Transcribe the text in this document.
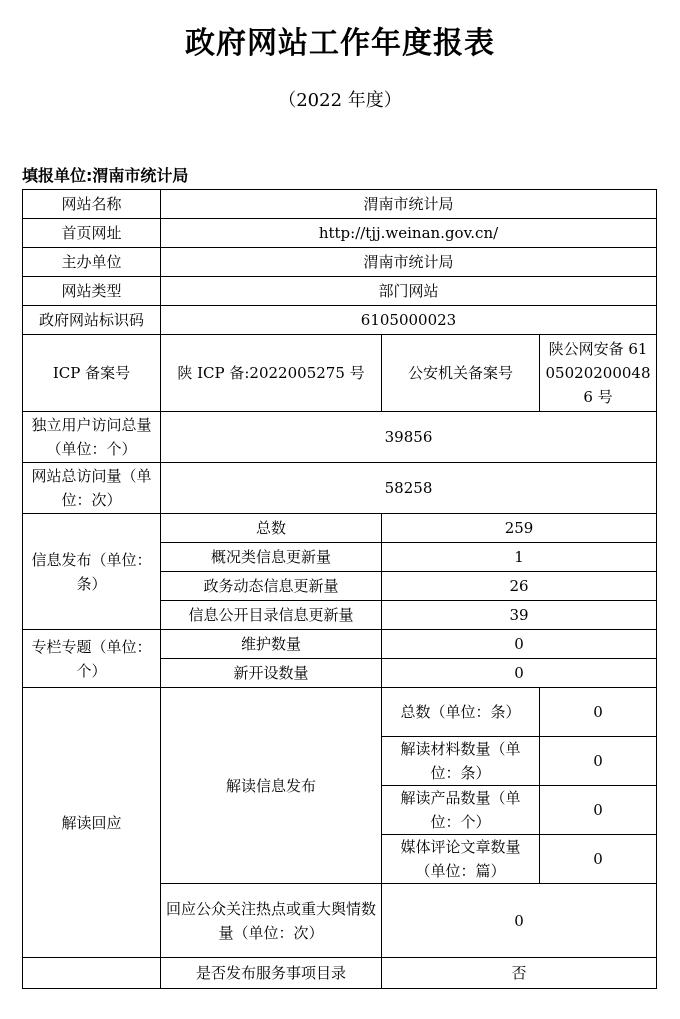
政府网站工作年度报表
（2022 年度）
填报单位:渭南市统计局
网站名称	渭南市统计局		
首页网址	http://tjj.weinan.gov.cn/		
主办单位	渭南市统计局		
网站类型	部门网站		
政府网站标识码	6105000023		
ICP 备案号	陕 ICP 备:2022005275 号	公安机关备案号	陕公网安备 61050202000486 号
独立用户访问总量（单位：个）	39856		
网站总访问量（单位：次）	58258		
信息发布（单位：条）	总数	259	
	概况类信息更新量	1	
	政务动态信息更新量	26	
	信息公开目录信息更新量	39	
专栏专题（单位：个）	维护数量	0	
	新开设数量	0	
解读回应	解读信息发布	总数（单位：条）	0
		解读材料数量（单位：条）	0
		解读产品数量（单位：个）	0
		媒体评论文章数量（单位：篇）	0
	回应公众关注热点或重大舆情数量（单位：次）	0	
	是否发布服务事项目录	否	
